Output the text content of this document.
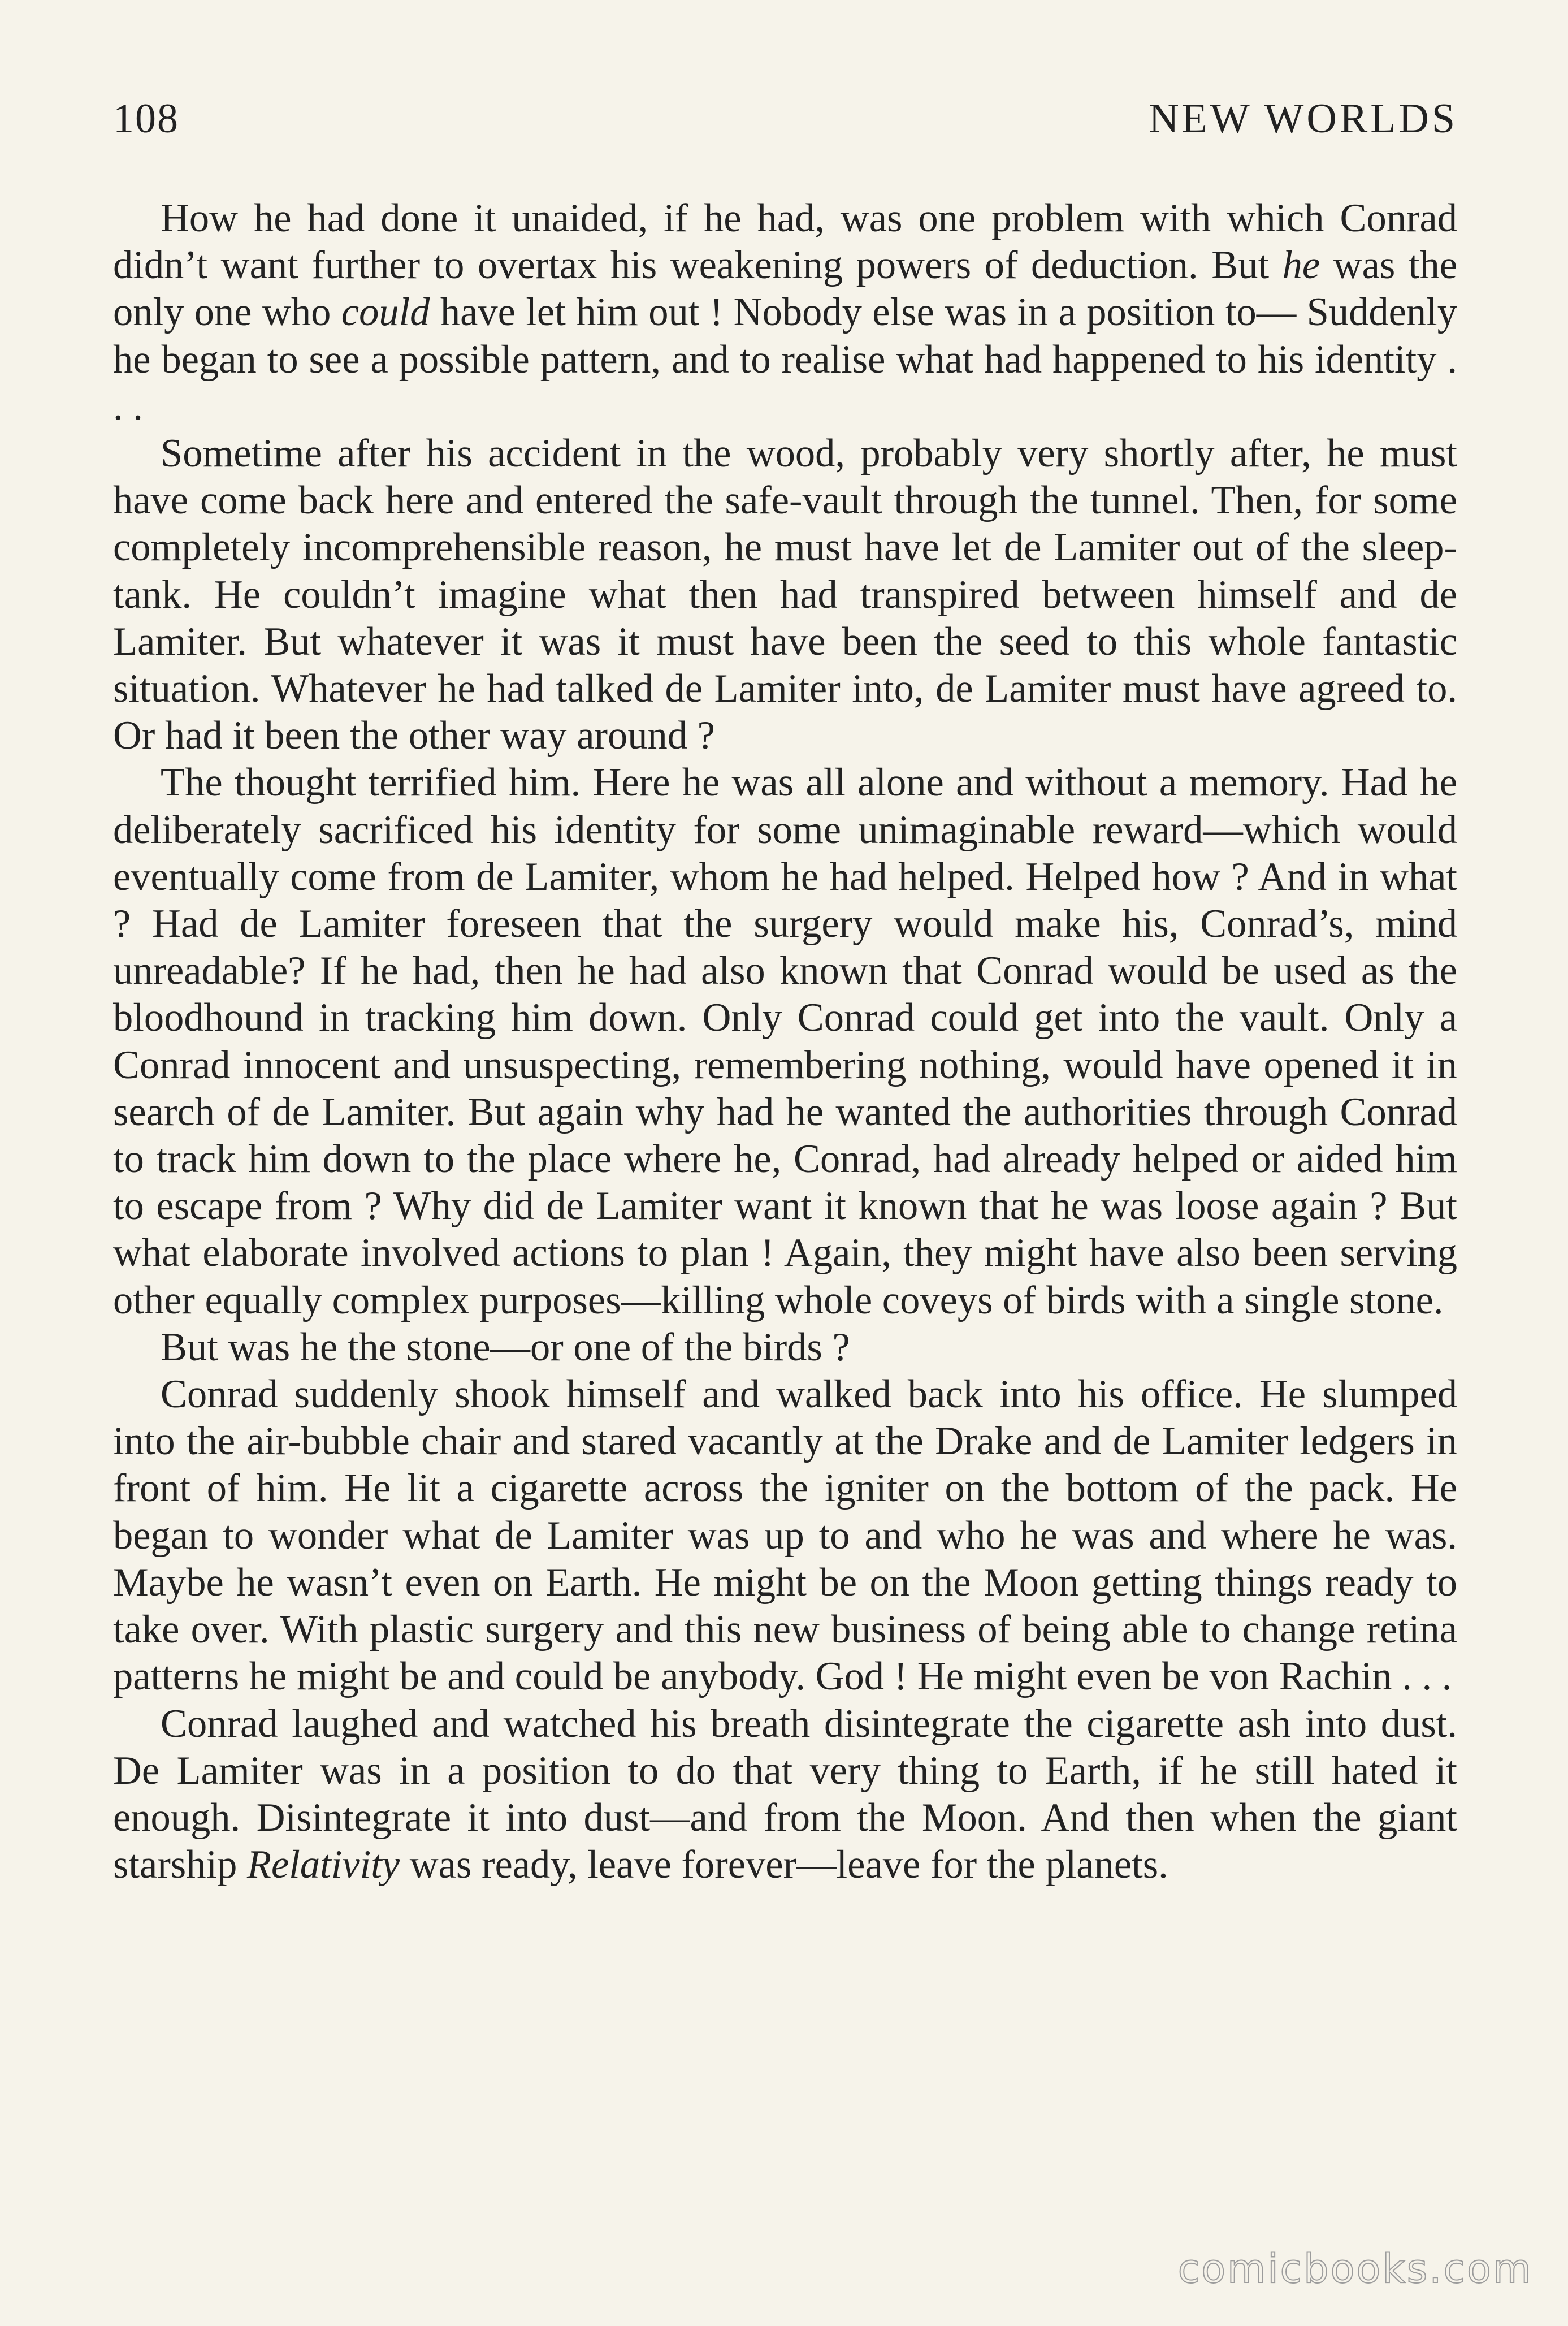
108	NEW WORLDS

How he had done it unaided, if he had, was one problem with which Conrad didn’t want further to overtax his weakening powers of deduction. But he was the only one who could have let him out ! Nobody else was in a position to— Suddenly he began to see a possible pattern, and to realise what had happened to his identity . . .

Sometime after his accident in the wood, probably very shortly after, he must have come back here and entered the safe-vault through the tunnel. Then, for some completely incomprehensible reason, he must have let de Lamiter out of the sleep-tank. He couldn’t imagine what then had transpired between himself and de Lamiter. But whatever it was it must have been the seed to this whole fantastic situation. Whatever he had talked de Lamiter into, de Lamiter must have agreed to. Or had it been the other way around ?

The thought terrified him. Here he was all alone and without a memory. Had he deliberately sacrificed his identity for some unimaginable reward—which would eventually come from de Lamiter, whom he had helped. Helped how ? And in what ? Had de Lamiter foreseen that the surgery would make his, Conrad’s, mind unreadable? If he had, then he had also known that Conrad would be used as the bloodhound in tracking him down. Only Conrad could get into the vault. Only a Conrad innocent and unsuspecting, remembering nothing, would have opened it in search of de Lamiter. But again why had he wanted the authorities through Conrad to track him down to the place where he, Conrad, had already helped or aided him to escape from ? Why did de Lamiter want it known that he was loose again ? But what elaborate involved actions to plan ! Again, they might have also been serving other equally complex purposes—killing whole coveys of birds with a single stone.

But was he the stone—or one of the birds ?

Conrad suddenly shook himself and walked back into his office. He slumped into the air-bubble chair and stared vacantly at the Drake and de Lamiter ledgers in front of him. He lit a cigarette across the igniter on the bottom of the pack. He began to wonder what de Lamiter was up to and who he was and where he was. Maybe he wasn’t even on Earth. He might be on the Moon getting things ready to take over. With plastic surgery and this new business of being able to change retina patterns he might be and could be anybody. God ! He might even be von Rachin . . .

Conrad laughed and watched his breath disintegrate the cigarette ash into dust. De Lamiter was in a position to do that very thing to Earth, if he still hated it enough. Disintegrate it into dust—and from the Moon. And then when the giant starship Relativity was ready, leave forever—leave for the planets.

comicbooks.com
